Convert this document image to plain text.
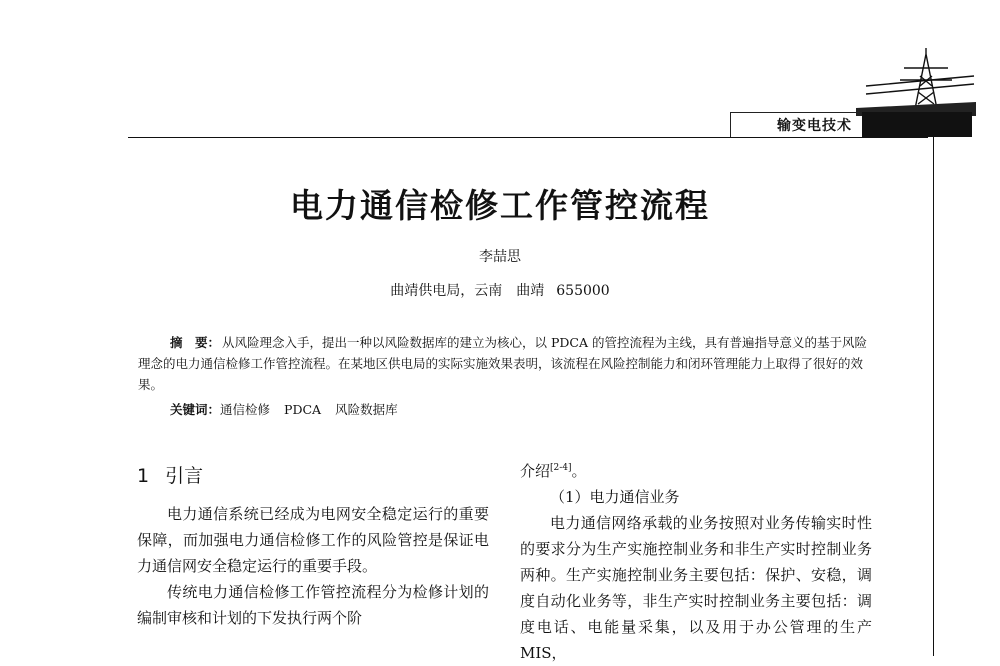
输变电技术
电力通信检修工作管控流程
李喆思
曲靖供电局，云南　曲靖 655000

摘　要： 从风险理念入手，提出一种以风险数据库的建立为核心，以 PDCA 的管控流程为主线，具有普遍指导意义的基于风险理念的电力通信检修工作管控流程。在某地区供电局的实际实施效果表明，该流程在风险控制能力和闭环管理能力上取得了很好的效果。

关键词：通信检修 PDCA 风险数据库
1 引言

电力通信系统已经成为电网安全稳定运行的重要保障，而加强电力通信检修工作的风险管控是保证电力通信网安全稳定运行的重要手段。

传统电力通信检修工作管控流程分为检修计划的编制审核和计划的下发执行两个阶

介绍[2-4]。

（1）电力通信业务

电力通信网络承载的业务按照对业务传输实时性的要求分为生产实施控制业务和非生产实时控制业务两种。生产实施控制业务主要包括：保护、安稳，调度自动化业务等，非生产实时控制业务主要包括：调度电话、电能量采集，以及用于办公管理的生产 MIS，
